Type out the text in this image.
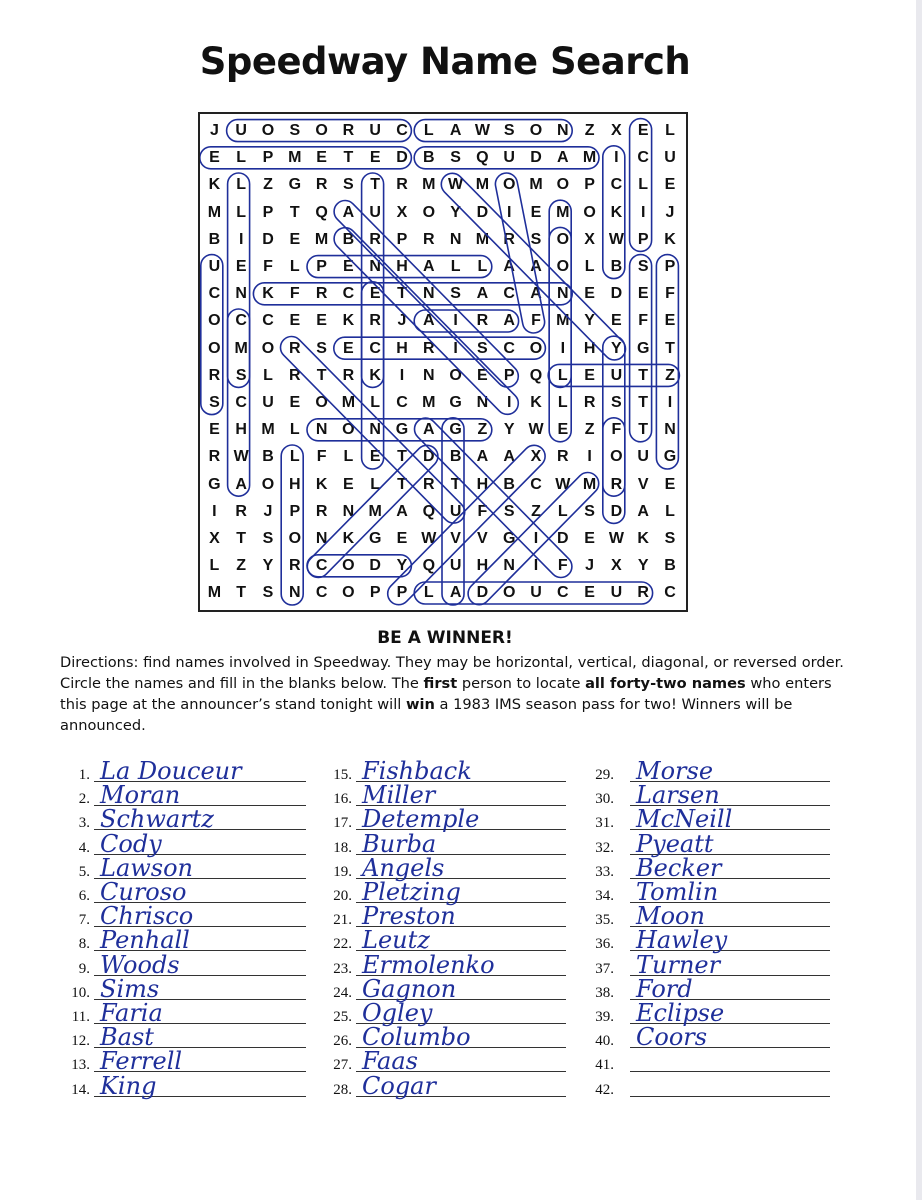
Speedway Name Search
J	U O S O R U C	L	A W S O N	Z	X	E	L
E	L	P M E	T	E D B S Q U D A M	I	C U
K	L	Z G R S	T	R M W M O M O P C	L	E
M L	P	T Q A U X O Y D	I	E M O K	I	J
B	I	D E M B R P R N M R S O X W P K
U E	F	L	P	E N H A	L	L	A A O L	B S	P
C N K	F	R C E	T	N S A C A N E D E	F
O C C E	E K R	J	A	I	R A	F M Y	E	F	E
O M O R S	E C H R	I	S C O	I	H Y G T
R S	L	R	T	R K	I	N O E	P Q L	E U	T	Z
S C U E O M L	C M G N	I	K	L	R S	T	I
E H M L	N O N G A G Z	Y W E	Z	F	T	N
R W B	L	F	L	E	T	D B A A X R	I	O U G
G A O H K E	L	T	R	T	H B C W M R V	E
I	R	J	P R N M A Q U	F	S	Z	L	S D A	L
X	T	S O N K G E W V	V G	I	D E W K S
L	Z	Y R C O D Y Q U H N	I	F	J	X	Y B
M T	S N C O P	P	L	A D O U C E U R C
BE A WINNER!
Directions: find names involved in Speedway. They may be horizontal, vertical, diagonal, or reversed order. Circle the names and fill in the blanks below. The first person to locate all forty-two names who enters this page at the announcer’s stand tonight will win a 1983 IMS season pass for two! Winners will be announced.
1. La Douceur
2. Moran
3. Schwartz
4. Cody
5. Lawson
6. Curoso
7. Chrisco
8. Penhall
9. Woods
10. Sims
11. Faria
12. Bast
13. Ferrell
14. King
15. Fishback
16. Miller
17. Detemple
18. Burba
19. Angels
20. Pletzing
21. Preston
22. Leutz
23. Ermolenko
24. Gagnon
25. Ogley
26. Columbo
27. Faas
28. Cogar
29. Morse
30. Larsen
31. McNeill
32. Pyeatt
33. Becker
34. Tomlin
35. Moon
36. Hawley
37. Turner
38. Ford
39. Eclipse
40. Coors
41.
42.
